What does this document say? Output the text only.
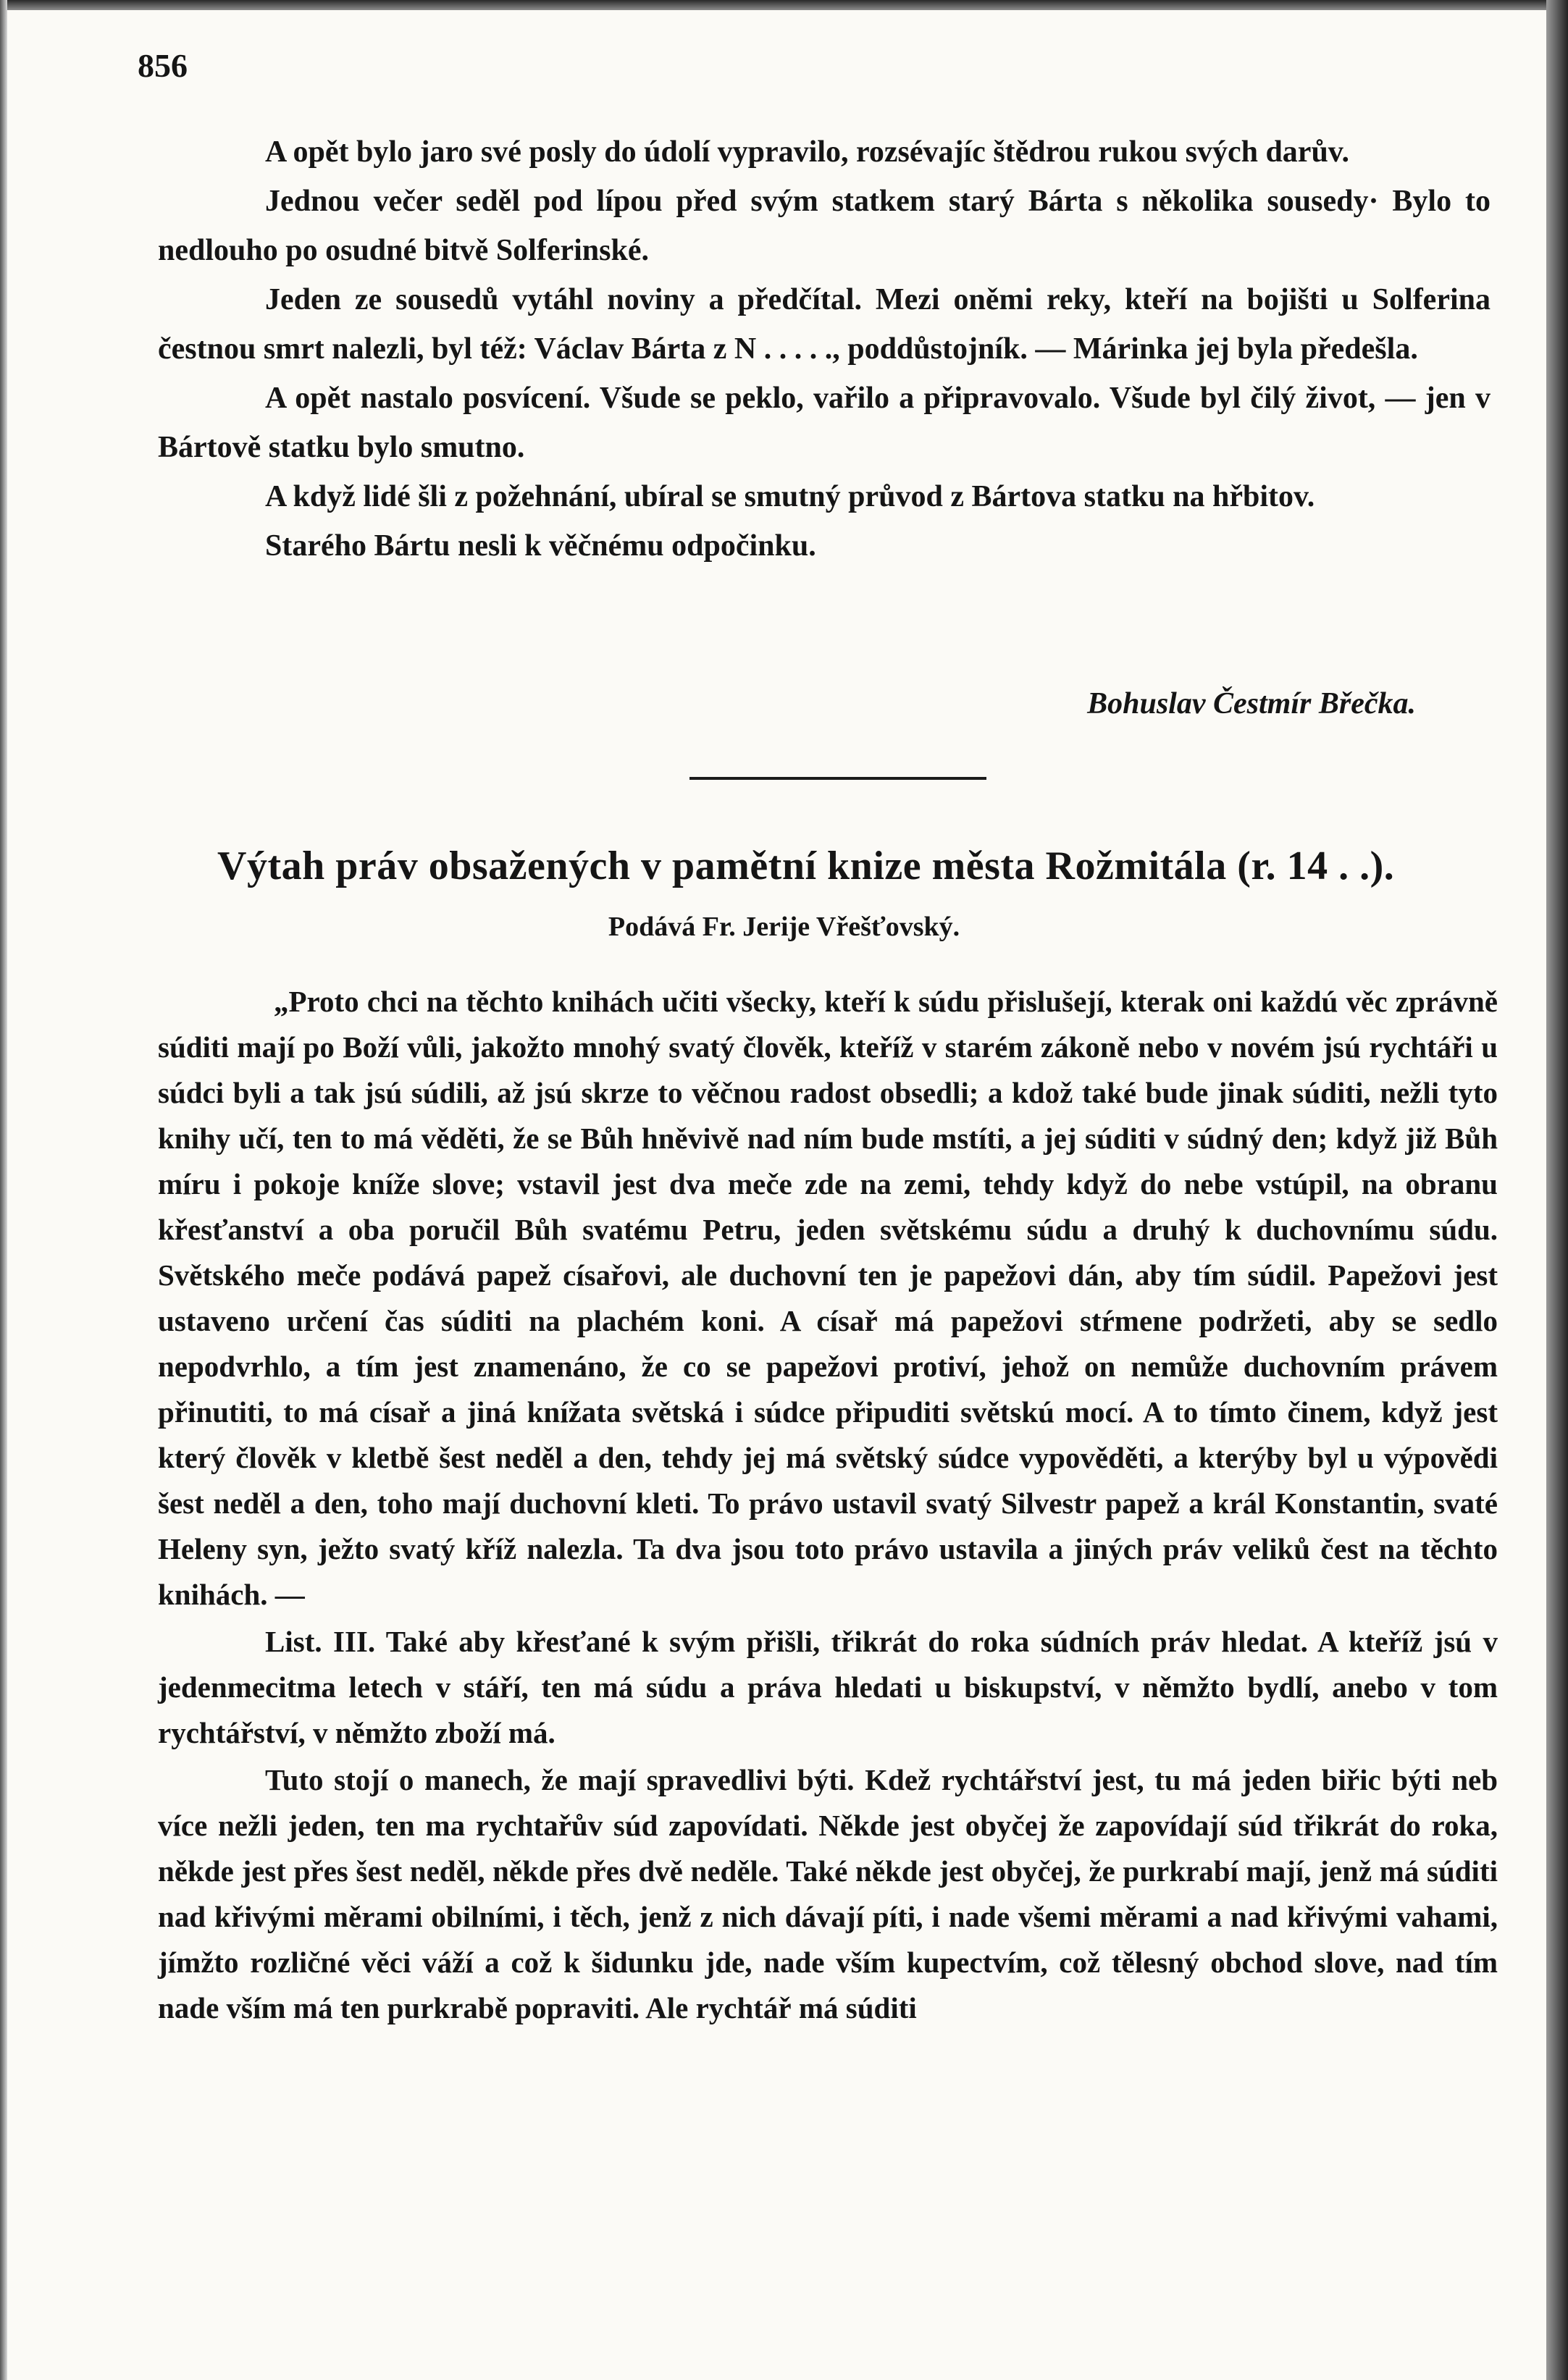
856

A opět bylo jaro své posly do údolí vypravilo, rozsévajíc štědrou rukou svých darův.

Jednou večer seděl pod lípou před svým statkem starý Bárta s několika sousedy· Bylo to nedlouho po osudné bitvě Solferinské.

Jeden ze sousedů vytáhl noviny a předčítal. Mezi oněmi reky, kteří na bojišti u Solferina čestnou smrt nalezli, byl též: Václav Bárta z N . . . . ., poddůstojník. — Márinka jej byla předešla.

A opět nastalo posvícení. Všude se peklo, vařilo a připravovalo. Všude byl čilý život, — jen v Bártově statku bylo smutno.

A když lidé šli z požehnání, ubíral se smutný průvod z Bártova statku na hřbitov.

Starého Bártu nesli k věčnému odpočinku.

Bohuslav Čestmír Břečka.
Výtah práv obsažených v pamětní knize města Rožmitála (r. 14 . .).
Podává Fr. Jerije Vřešťovský.

„Proto chci na těchto knihách učiti všecky, kteří k súdu přislušejí, kterak oni každú věc zprávně súditi mají po Boží vůli, jakožto mnohý svatý člověk, kteříž v starém zákoně nebo v novém jsú rychtáři u súdci byli a tak jsú súdili, až jsú skrze to věčnou radost obsedli; a kdož také bude jinak súditi, nežli tyto knihy učí, ten to má věděti, že se Bůh hněvivě nad ním bude mstíti, a jej súditi v súdný den; když již Bůh míru i pokoje kníže slove; vstavil jest dva meče zde na zemi, tehdy když do nebe vstúpil, na obranu křesťanství a oba poručil Bůh svatému Petru, jeden světskému súdu a druhý k duchovnímu súdu. Světského meče podává papež císařovi, ale duchovní ten je papežovi dán, aby tím súdil. Papežovi jest ustaveno určení čas súditi na plachém koni. A císař má papežovi stŕmene podržeti, aby se sedlo nepodvrhlo, a tím jest znamenáno, že co se papežovi protiví, jehož on nemůže duchovním právem přinutiti, to má císař a jiná knížata světská i súdce připuditi světskú mocí. A to tímto činem, když jest který člověk v kletbě šest neděl a den, tehdy jej má světský súdce vypověděti, a kterýby byl u výpovědi šest neděl a den, toho mají duchovní kleti. To právo ustavil svatý Silvestr papež a král Konstantin, svaté Heleny syn, ježto svatý kříž nalezla. Ta dva jsou toto právo ustavila a jiných práv veliků čest na těchto knihách. —

List. III. Také aby křesťané k svým přišli, třikrát do roka súdních práv hledat. A kteříž jsú v jedenmecitma letech v stáří, ten má súdu a práva hledati u biskupství, v němžto bydlí, anebo v tom rychtářství, v němžto zboží má.

Tuto stojí o manech, že mají spravedlivi býti. Kdež rychtářství jest, tu má jeden biřic býti neb více nežli jeden, ten ma rychtařův súd zapovídati. Někde jest obyčej že zapovídají súd třikrát do roka, někde jest přes šest neděl, někde přes dvě neděle. Také někde jest obyčej, že purkrabí mají, jenž má súditi nad křivými měrami obilními, i těch, jenž z nich dávají píti, i nade všemi měrami a nad křivými vahami, jímžto rozličné věci váží a což k šidunku jde, nade vším kupectvím, což tělesný obchod slove, nad tím nade vším má ten purkrabě popraviti. Ale rychtář má súditi
